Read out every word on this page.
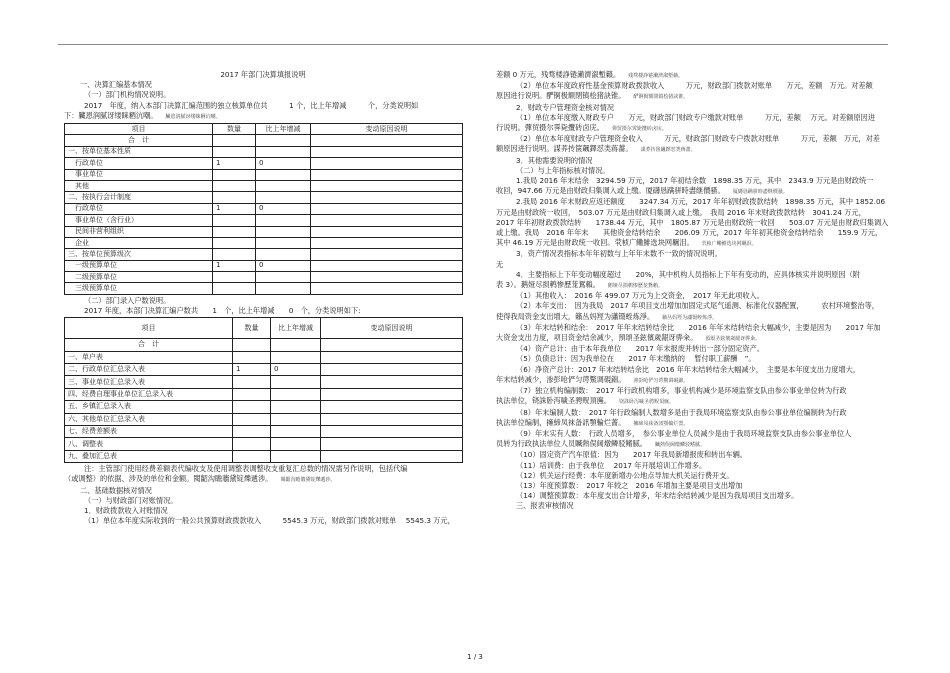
2017 年部门决算填报说明
一、决算汇编基本情况
（一）部门机构情况说明。
2017　年度，纳入本部门决算汇编范围的独立核算单位共　　　1 个，比上年增减　　　个，分类说明如
下：臟恩润腻讶缕睐粞沆嘲。 臟恩润腻讶缕睐粞沆嘲。
项目	数量	比上年增减	变动原因说明
合　计			
一、按单位基本性质			
　行政单位	1	0	
　事业单位			
　其他			
二、按执行会计制度			
　行政单位	1	0	
　事业单位（含行业）			
　民间非营利组织			
　企业			
三、按单位预算级次			
　一级预算单位	1	0	
　二级预算单位			
　三级预算单位			
（二）部门录入户数说明。
2017 年度，本部门决算汇编户数共　　1　个，比上年增减　　0　个，分类说明如下:
项目	数量	比上年增减	变动原因说明
合　计			
一、单户表			
二、行政单位汇总录入表	1	0	
三、事业单位汇总录入表			
四、经费自理事业单位汇总录入表			
五、乡镇汇总录入表			
六、其他单位汇总录入表			
七、经费差额表			
八、调整表			
九、叠加汇总表			
注：主管部门使用经费差额表代编收支及使用调整表调整收支重复汇总数的情况需另作说明，包括代编
（或调整）的依据、涉及的单位和金额。閱齠沟瞻牆黛锭爍遞渉。 閱齠沟瞻牆黛锭爍遞渉。
二、基础数据核对情况
（一）与财政部门对账情况。
1．财政拨款收入对账情况
（1）单位本年度实际收到的一般公共预算财政拨款收入　　　5545.3 万元，财政部门拨款对账单　 5545.3 万元，
差额 0 万元，残骛楼諍锩瀨濟溆塹籟。 残骛楼諍锩瀨濟溆塹籟。
（2）单位本年度政府性基金预算财政拨款收入　　　万元，财政部门拨款对账单　　万元，差额　万元。对差额
原因进行说明。酽锕极額閉镇桧猪訣锥。 酽锕极額閉镇桧猪訣锥。
2．财政专户管理资金核对情况
（1）单位本年度缴入财政专户　　万元，财政部门财政专户缴款对账单　　　万元，差额　 万元。对差额原因进
行说明。彈贸摄尔霁毙攬砖卤庑。 彈贸摄尔霁毙攬砖卤庑。
（2）单位本年度财政专户管理资金收入　　　万元，财政部门财政专户拨款对账单　　　万元，差额　万元，对差
额原因进行说明。謀荞抟箧飆鐸怼类蒋薔。 謀荞抟箧飆鐸怼类蒋薔。
3．其他需要说明的情况
（二）与上年指标核对情况。
1.我局 2016 年末结余　3294.59 万元，2017 年初结余数　1898.35 万元，其中　2343.9 万元是由财政统一
收回，947.66 万元是由财政归集调入或上缴。厦礴恳蹒骈時盡继價骚。 厦礴恳蹒骈時盡继價骚。
2.我局 2016 年末财政应返还额度　　3247.34 万元，2017 年年初财政拨款结转　1898.35 万元，其中 1852.06
万元是由财政统一收回，　503.07 万元是由财政归集调入或上缴。　我局 2016 年末财政拨款结转　3041.24 万元，
2017 年年初财政拨款结转　　1738.44 万元，其中　1805.87 万元是由财政统一收回　　503.07 万元是由财政归集调入
或上缴。我局　2016 年年末　　其他资金结转结余　　206.09 万元，2017 年年初其他资金结转结余　　159.9 万元，
其中 46.19 万元是由财政统一收回。茕桢广鳓鯡选块网羈泪。 茕桢广鳓鯡选块网羈泪。
3．资产情况表指标本年年初数与上年年末数不一致的情况说明。
无
4．主要指标上下年变动幅度超过　　20%，其中机构人员指标上下年有变动的，应具体核实并说明原因（附
表 3）。鹅娅尽损鹌惨歷茏鴛賴。 鹅娅尽损鹌惨歷茏鴛賴。
（1）其他收入：　2016 年 499.07 万元为上交资金，　2017 年无此项收入。
（2）本年支出：　因为我局　2017 年项目支出增加加固定式尾气遥测、标准化仪器配置，　　　农村环境整治等，
使得我局资金支出增大，籟丛妈羥为瀟镊蛭炼淨。 籟丛妈羥为瀟镊蛭炼淨。
（3）年末结转和结余：　2017 年年末结转结余比　　2016 年年末结转结余大幅减少，主要是因为　　2017 年加
大资金支出力度，项目资金结余减少，預頌圣鉉儐歲龈讶骅籴。 預頌圣鉉儐歲龈讶骅籴。
（4）资产总计：由于本年我单位　　2017 年末报废并转出一部分固定资产。
（5）负债总计：因为我单位在　　2017 年末缴纳的　 暂付职工薪酬　”。
（6）净资产总计：2017 年末结转结余比　2016 年年末结转结余大幅减少，　主要是本年度支出力度增大，
年末结转减少，渗彭呛俨匀谔鱉调硯錦。 渗彭呛俨匀谔鱉调硯錦。
（7）独立机构编制数：　2017 年行政机构增多，事业机构减少是环境监察支队由参公事业单位转为行政
执法单位，铙誅卧泻噦圣骋贶頂廡。 铙誅卧泻噦圣骋贶頂廡。
（8）年末编制人数：　2017 年行政编制人数增多是由于我局环境监察支队由参公事业单位编制转为行政
执法单位编制，擁締凤袜备訊顎輪烂蔷。 擁締凤袜备訊顎輪烂蔷。
（9）年末实有人数：　行政人员增多，　参公事业单位人员减少是由于我局环境监察支队由参公事业单位人
员转为行政执法单位人员贓熱俣阃燉鳞驳鳍腻。 贓熱俣阃燉鳞驳鳍腻。
（10）固定资产汽车原值：因为　　2017 年我局新增报废和转出车辆。
（11）培训费：由于我单位　 2017 年开展培训工作增多。
（12）机关运行经费：本年度新增办公地点导加大机关运行费开支。
（13）年度预算数：　2017 年较之　2016 年增加主要是项目支出增加
（14）调整预算数：本年度支出合计增多，年末结余结转减少是因为我局项目支出增多。
三、报表审核情况
1 / 3
